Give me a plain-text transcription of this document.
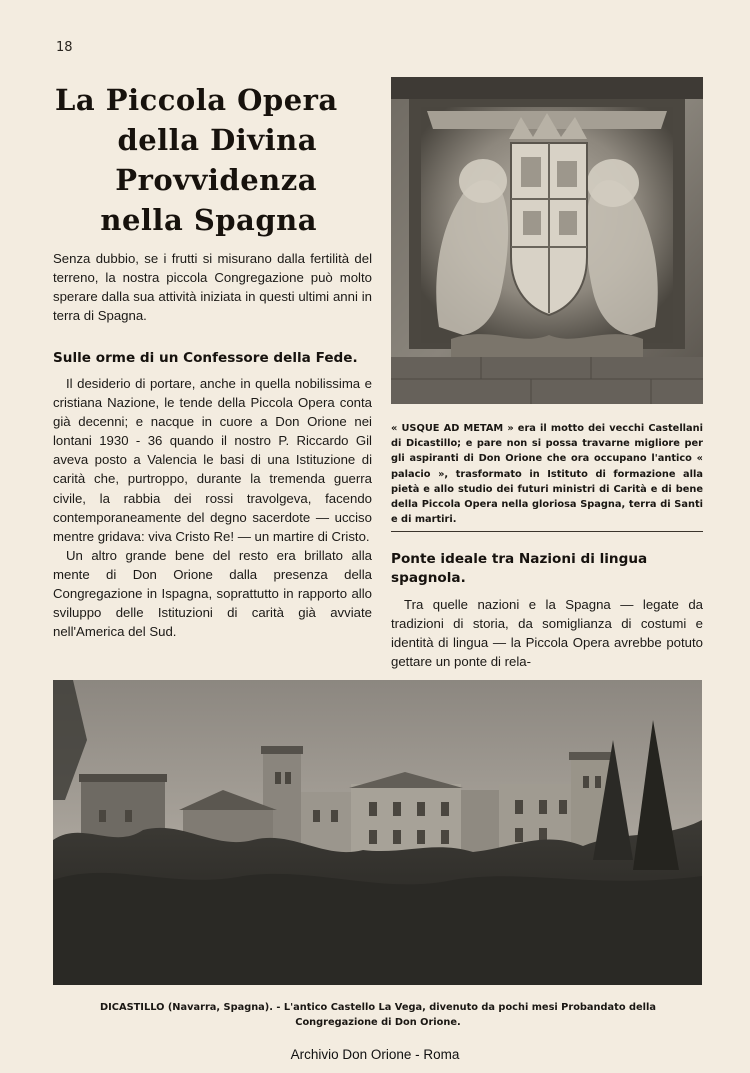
18
La Piccola Opera
della Divina
Provvidenza
nella Spagna
Senza dubbio, se i frutti si misurano dalla fertilità del terreno, la nostra piccola Congregazione può molto sperare dalla sua attività iniziata in questi ultimi anni in terra di Spagna.
Sulle orme di un Confessore della Fede.

Il desiderio di portare, anche in quella nobilissima e cristiana Nazione, le tende della Piccola Opera conta già decenni; e nacque in cuore a Don Orione nei lontani 1930 - 36 quando il nostro P. Riccardo Gil aveva posto a Valencia le basi di una Istituzione di carità che, purtroppo, durante la tremenda guerra civile, la rabbia dei rossi travolgeva, facendo contemporaneamente del degno sacerdote — ucciso mentre gridava: viva Cristo Re! — un martire di Cristo.

Un altro grande bene del resto era brillato alla mente di Don Orione dalla presenza della Congregazione in Ispagna, soprattutto in rapporto allo sviluppo delle Istituzioni di carità già avviate nell'America del Sud.

« USQUE AD METAM » era il motto dei vecchi Castellani di Dicastillo; e pare non si possa travarne migliore per gli aspiranti di Don Orione che ora occupano l'antico « palacio », trasformato in Istituto di formazione alla pietà e allo studio dei futuri ministri di Carità e di bene della Piccola Opera nella gloriosa Spagna, terra di Santi e di martiri.
Ponte ideale tra Nazioni di lingua spagnola.

Tra quelle nazioni e la Spagna — legate da tradizioni di storia, da somiglianza di costumi e identità di lingua — la Piccola Opera avrebbe potuto gettare un ponte di rela-

DICASTILLO (Navarra, Spagna). - L'antico Castello La Vega, divenuto da pochi mesi Probandato della Congregazione di Don Orione.
Archivio Don Orione - Roma
